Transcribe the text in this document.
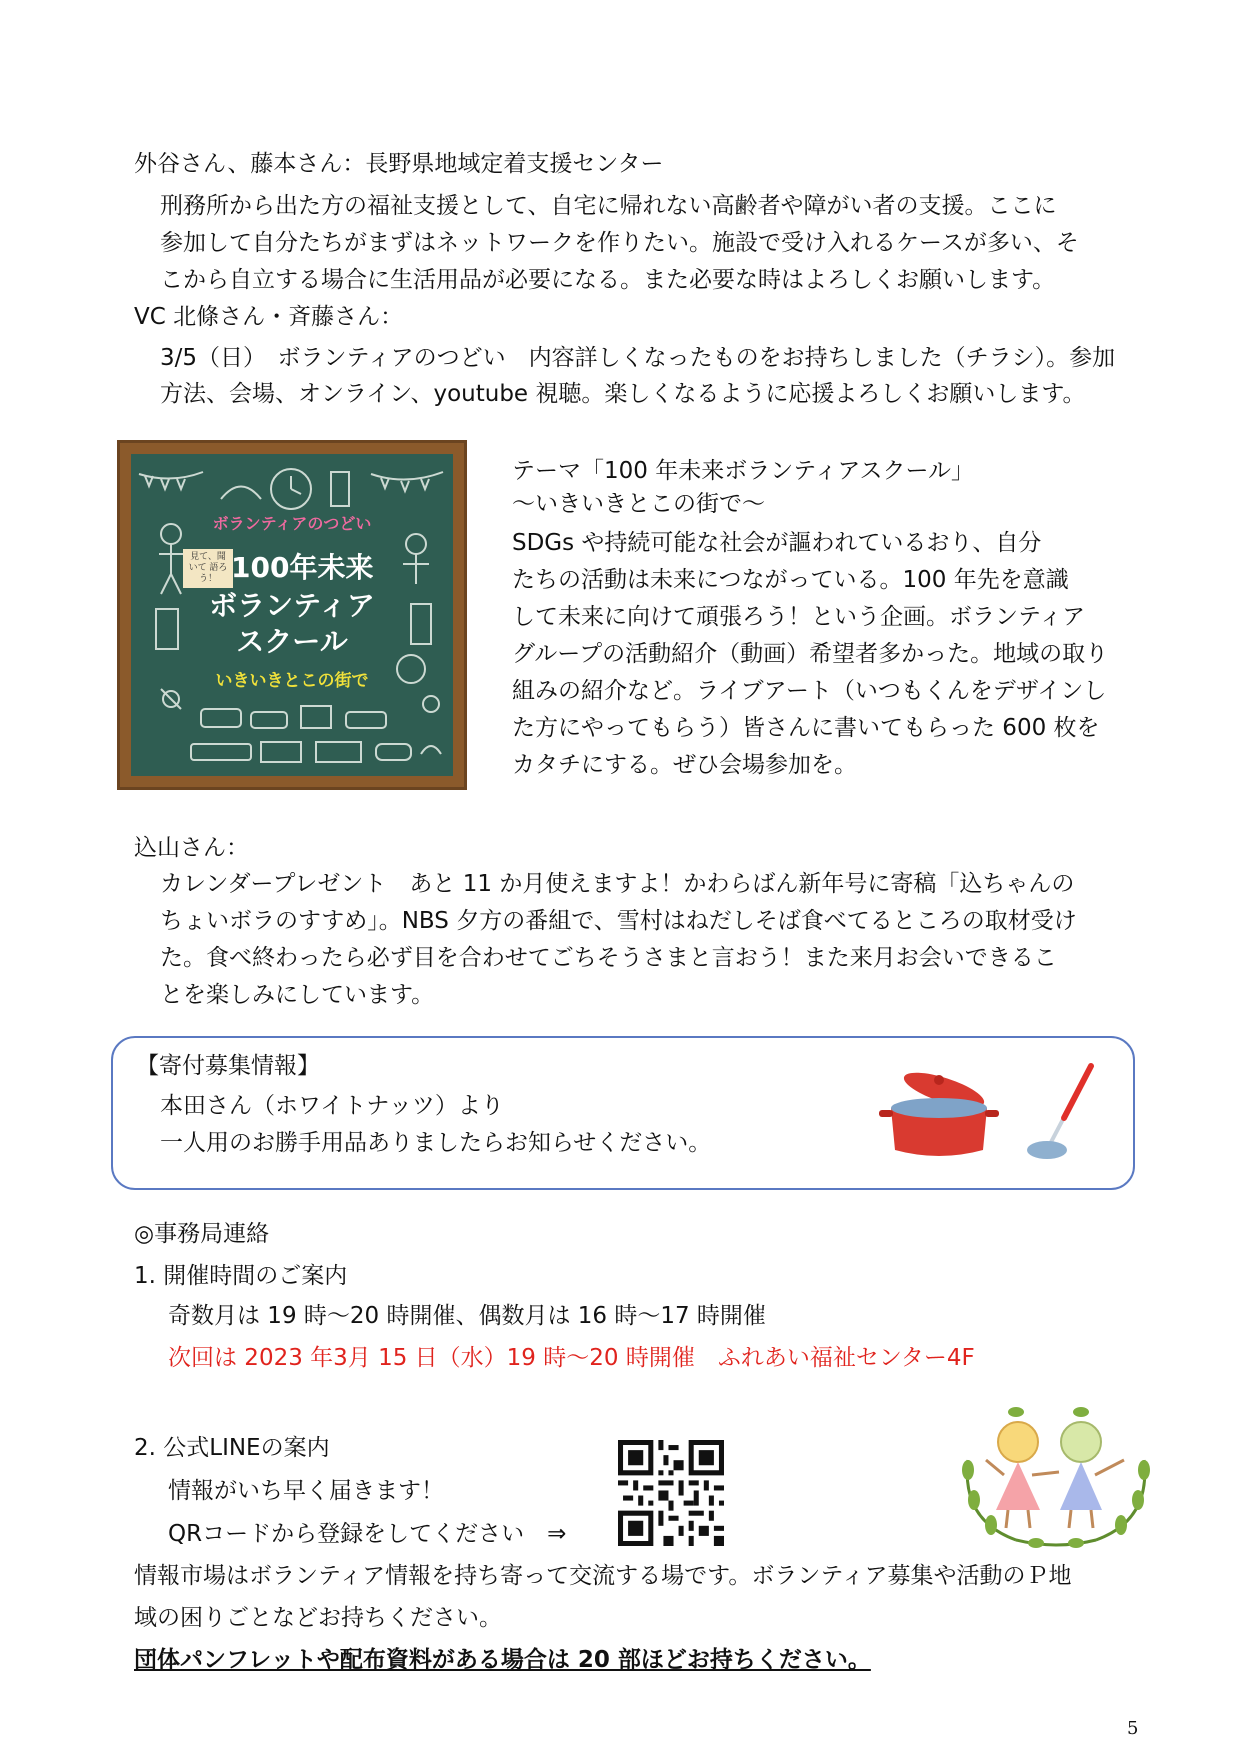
外谷さん、藤本さん：長野県地域定着支援センター
刑務所から出た方の福祉支援として、自宅に帰れない高齢者や障がい者の支援。ここに
参加して自分たちがまずはネットワークを作りたい。施設で受け入れるケースが多い、そ
こから自立する場合に生活用品が必要になる。また必要な時はよろしくお願いします。
VC 北條さん・斉藤さん：
3/5（日）　ボランティアのつどい　内容詳しくなったものをお持ちしました（チラシ）。参加
方法、会場、オンライン、youtube 視聴。楽しくなるように応援よろしくお願いします。
ボランティアのつどい
見て、聞いて 語ろう！ 100年未来
ボランティア
スクール
いきいきとこの街で
テーマ「100 年未来ボランティアスクール」
～いきいきとこの街で～
SDGs や持続可能な社会が謳われているおり、自分
たちの活動は未来につながっている。100 年先を意識
して未来に向けて頑張ろう！という企画。ボランティア
グループの活動紹介（動画）希望者多かった。地域の取り
組みの紹介など。ライブアート（いつもくんをデザインし
た方にやってもらう）皆さんに書いてもらった 600 枚を
カタチにする。ぜひ会場参加を。
込山さん：
カレンダープレゼント　あと 11 か月使えますよ！かわらばん新年号に寄稿「込ちゃんの
ちょいボラのすすめ」。NBS 夕方の番組で、雪村はねだしそば食べてるところの取材受け
た。食べ終わったら必ず目を合わせてごちそうさまと言おう！また来月お会いできるこ
とを楽しみにしています。
【寄付募集情報】
本田さん（ホワイトナッツ）より
一人用のお勝手用品ありましたらお知らせください。
◎事務局連絡
1. 開催時間のご案内
奇数月は 19 時～20 時開催、偶数月は 16 時～17 時開催
次回は 2023 年3月 15 日（水）19 時～20 時開催　ふれあい福祉センター4F
2. 公式LINEの案内
情報がいち早く届きます！
QRコードから登録をしてください　⇒
情報市場はボランティア情報を持ち寄って交流する場です。ボランティア募集や活動のＰ地
域の困りごとなどお持ちください。
団体パンフレットや配布資料がある場合は 20 部ほどお持ちください。
5
